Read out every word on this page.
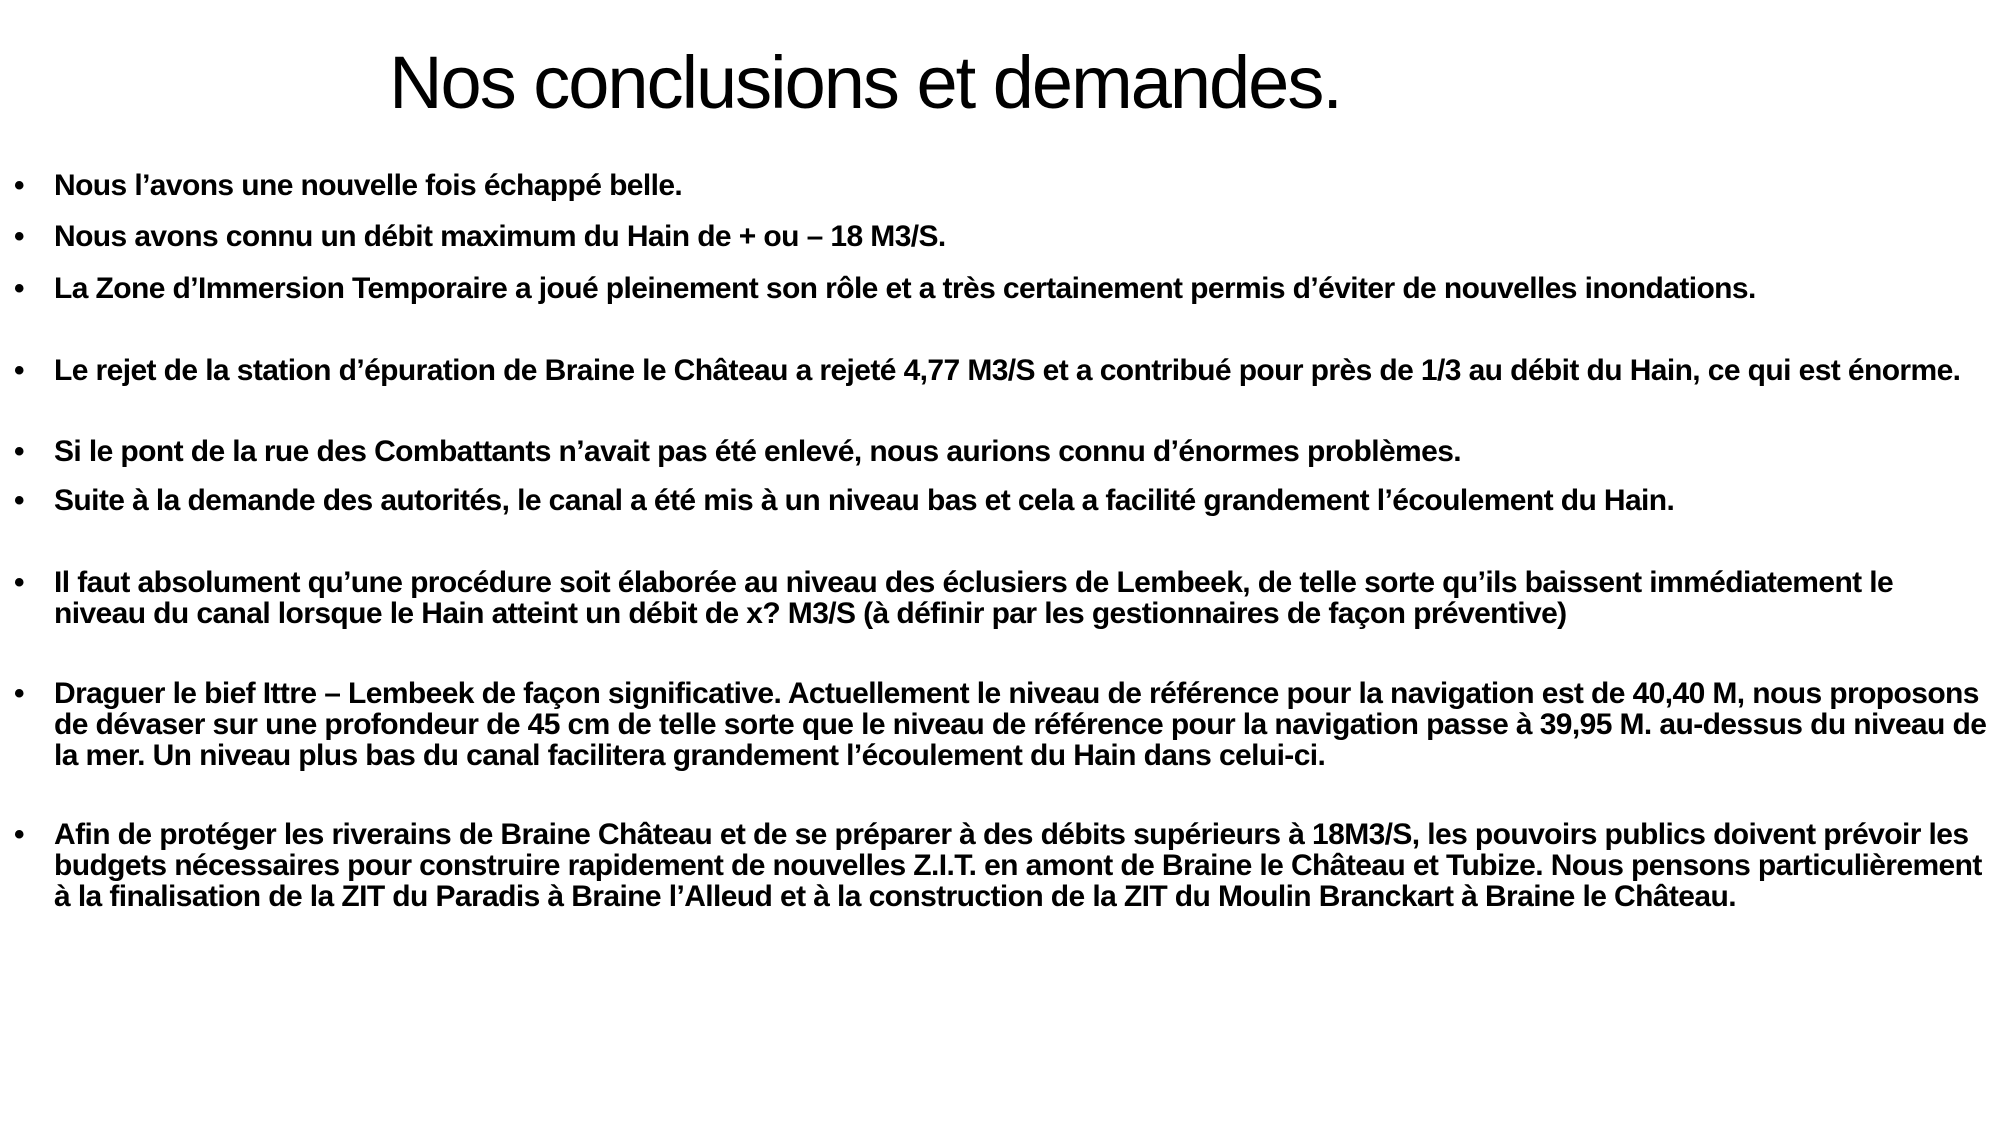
Nos conclusions et demandes.
• Nous l’avons une nouvelle fois échappé belle.
• Nous avons connu un débit maximum du Hain de + ou – 18 M3/S.
• La Zone d’Immersion Temporaire a joué pleinement son rôle et a très certainement permis d’éviter de nouvelles inondations.
• Le rejet de la station d’épuration de Braine le Château a rejeté 4,77 M3/S et a contribué pour près de 1/3 au débit du Hain, ce qui est énorme.
• Si le pont de la rue des Combattants n’avait pas été enlevé, nous aurions connu d’énormes problèmes.
• Suite à la demande des autorités, le canal a été mis à un niveau bas et cela a facilité grandement l’écoulement du Hain.
• Il faut absolument qu’une procédure soit élaborée au niveau des éclusiers de Lembeek, de telle sorte qu’ils baissent immédiatement le niveau du canal lorsque le Hain atteint un débit de x? M3/S (à définir par les gestionnaires de façon préventive)
• Draguer le bief Ittre – Lembeek de façon significative. Actuellement le niveau de référence pour la navigation est de 40,40 M, nous proposons de dévaser sur une profondeur de 45 cm de telle sorte que le niveau de référence pour la navigation passe à 39,95 M. au-dessus du niveau de la mer. Un niveau plus bas du canal facilitera grandement l’écoulement du Hain dans celui-ci.
• Afin de protéger les riverains de Braine Château et de se préparer à des débits supérieurs à 18M3/S, les pouvoirs publics doivent prévoir les budgets nécessaires pour construire rapidement de nouvelles Z.I.T. en amont de Braine le Château et Tubize. Nous pensons particulièrement à la finalisation de la ZIT du Paradis à Braine l’Alleud et à la construction de la ZIT du Moulin Branckart à Braine le Château.
